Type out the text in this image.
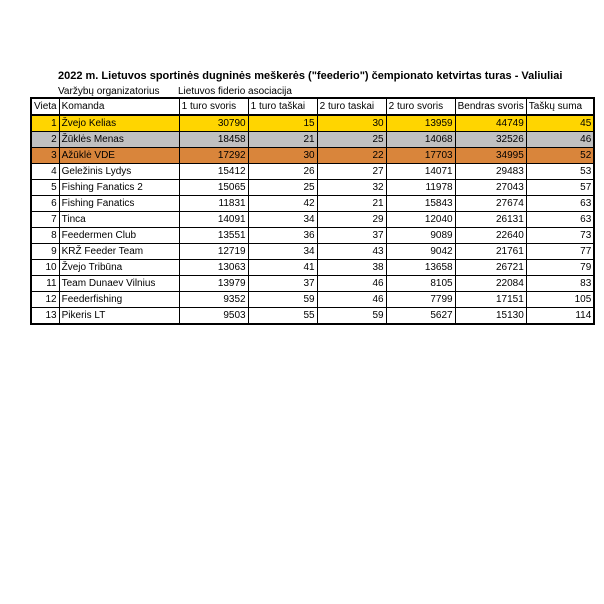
2022 m. Lietuvos sportinės dugninės meškerės ("feederio") čempionato ketvirtas turas - Valiuliai
Varžybų organizatorius Lietuvos fiderio asociacija
Vieta	Komanda	1 turo svoris	1 turo taškai	2 turo taskai	2 turo svoris	Bendras svoris	Taškų suma
1	Žvejo Kelias	30790	15	30	13959	44749	45
2	Žūklės Menas	18458	21	25	14068	32526	46
3	Ažūklė VDE	17292	30	22	17703	34995	52
4	Geležinis Lydys	15412	26	27	14071	29483	53
5	Fishing Fanatics 2	15065	25	32	11978	27043	57
6	Fishing Fanatics	11831	42	21	15843	27674	63
7	Tinca	14091	34	29	12040	26131	63
8	Feedermen Club	13551	36	37	9089	22640	73
9	KRŽ Feeder Team	12719	34	43	9042	21761	77
10	Žvejo Tribūna	13063	41	38	13658	26721	79
11	Team Dunaev Vilnius	13979	37	46	8105	22084	83
12	Feederfishing	9352	59	46	7799	17151	105
13	Pikeris LT	9503	55	59	5627	15130	114
